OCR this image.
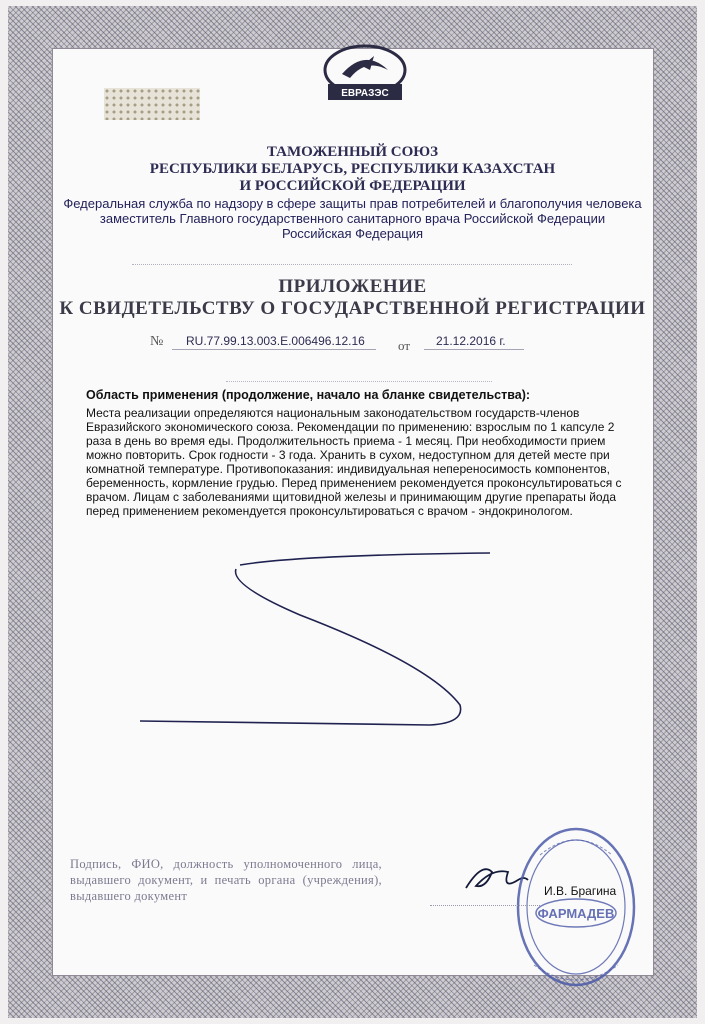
ЕВРАЗЭС
ТАМОЖЕННЫЙ СОЮЗ
РЕСПУБЛИКИ БЕЛАРУСЬ, РЕСПУБЛИКИ КАЗАХСТАН
И РОССИЙСКОЙ ФЕДЕРАЦИИ
Федеральная служба по надзору в сфере защиты прав потребителей и благополучия человека
заместитель Главного государственного санитарного врача Российской Федерации
Российская Федерация
ПРИЛОЖЕНИЕ
К СВИДЕТЕЛЬСТВУ О ГОСУДАРСТВЕННОЙ РЕГИСТРАЦИИ
№ RU.77.99.13.003.Е.006496.12.16	от 21.12.2016 г.
Область применения (продолжение, начало на бланке свидетельства):
Места реализации определяются национальным законодательством государств-членов Евразийского экономического союза. Рекомендации по применению: взрослым по 1 капсуле 2 раза в день во время еды. Продолжительность приема - 1 месяц. При необходимости прием можно повторить. Срок годности - 3 года. Хранить в сухом, недоступном для детей месте при комнатной температуре. Противопоказания: индивидуальная непереносимость компонентов, беременность, кормление грудью. Перед применением рекомендуется проконсультироваться с врачом. Лицам с заболеваниями щитовидной железы и принимающим другие препараты йода перед применением рекомендуется проконсультироваться с врачом - эндокринологом.
Подпись, ФИО, должность уполномоченного лица, выдавшего документ, и печать органа (учреждения), выдавшего документ	И.В. Брагина
ФАРМАДЕВ
